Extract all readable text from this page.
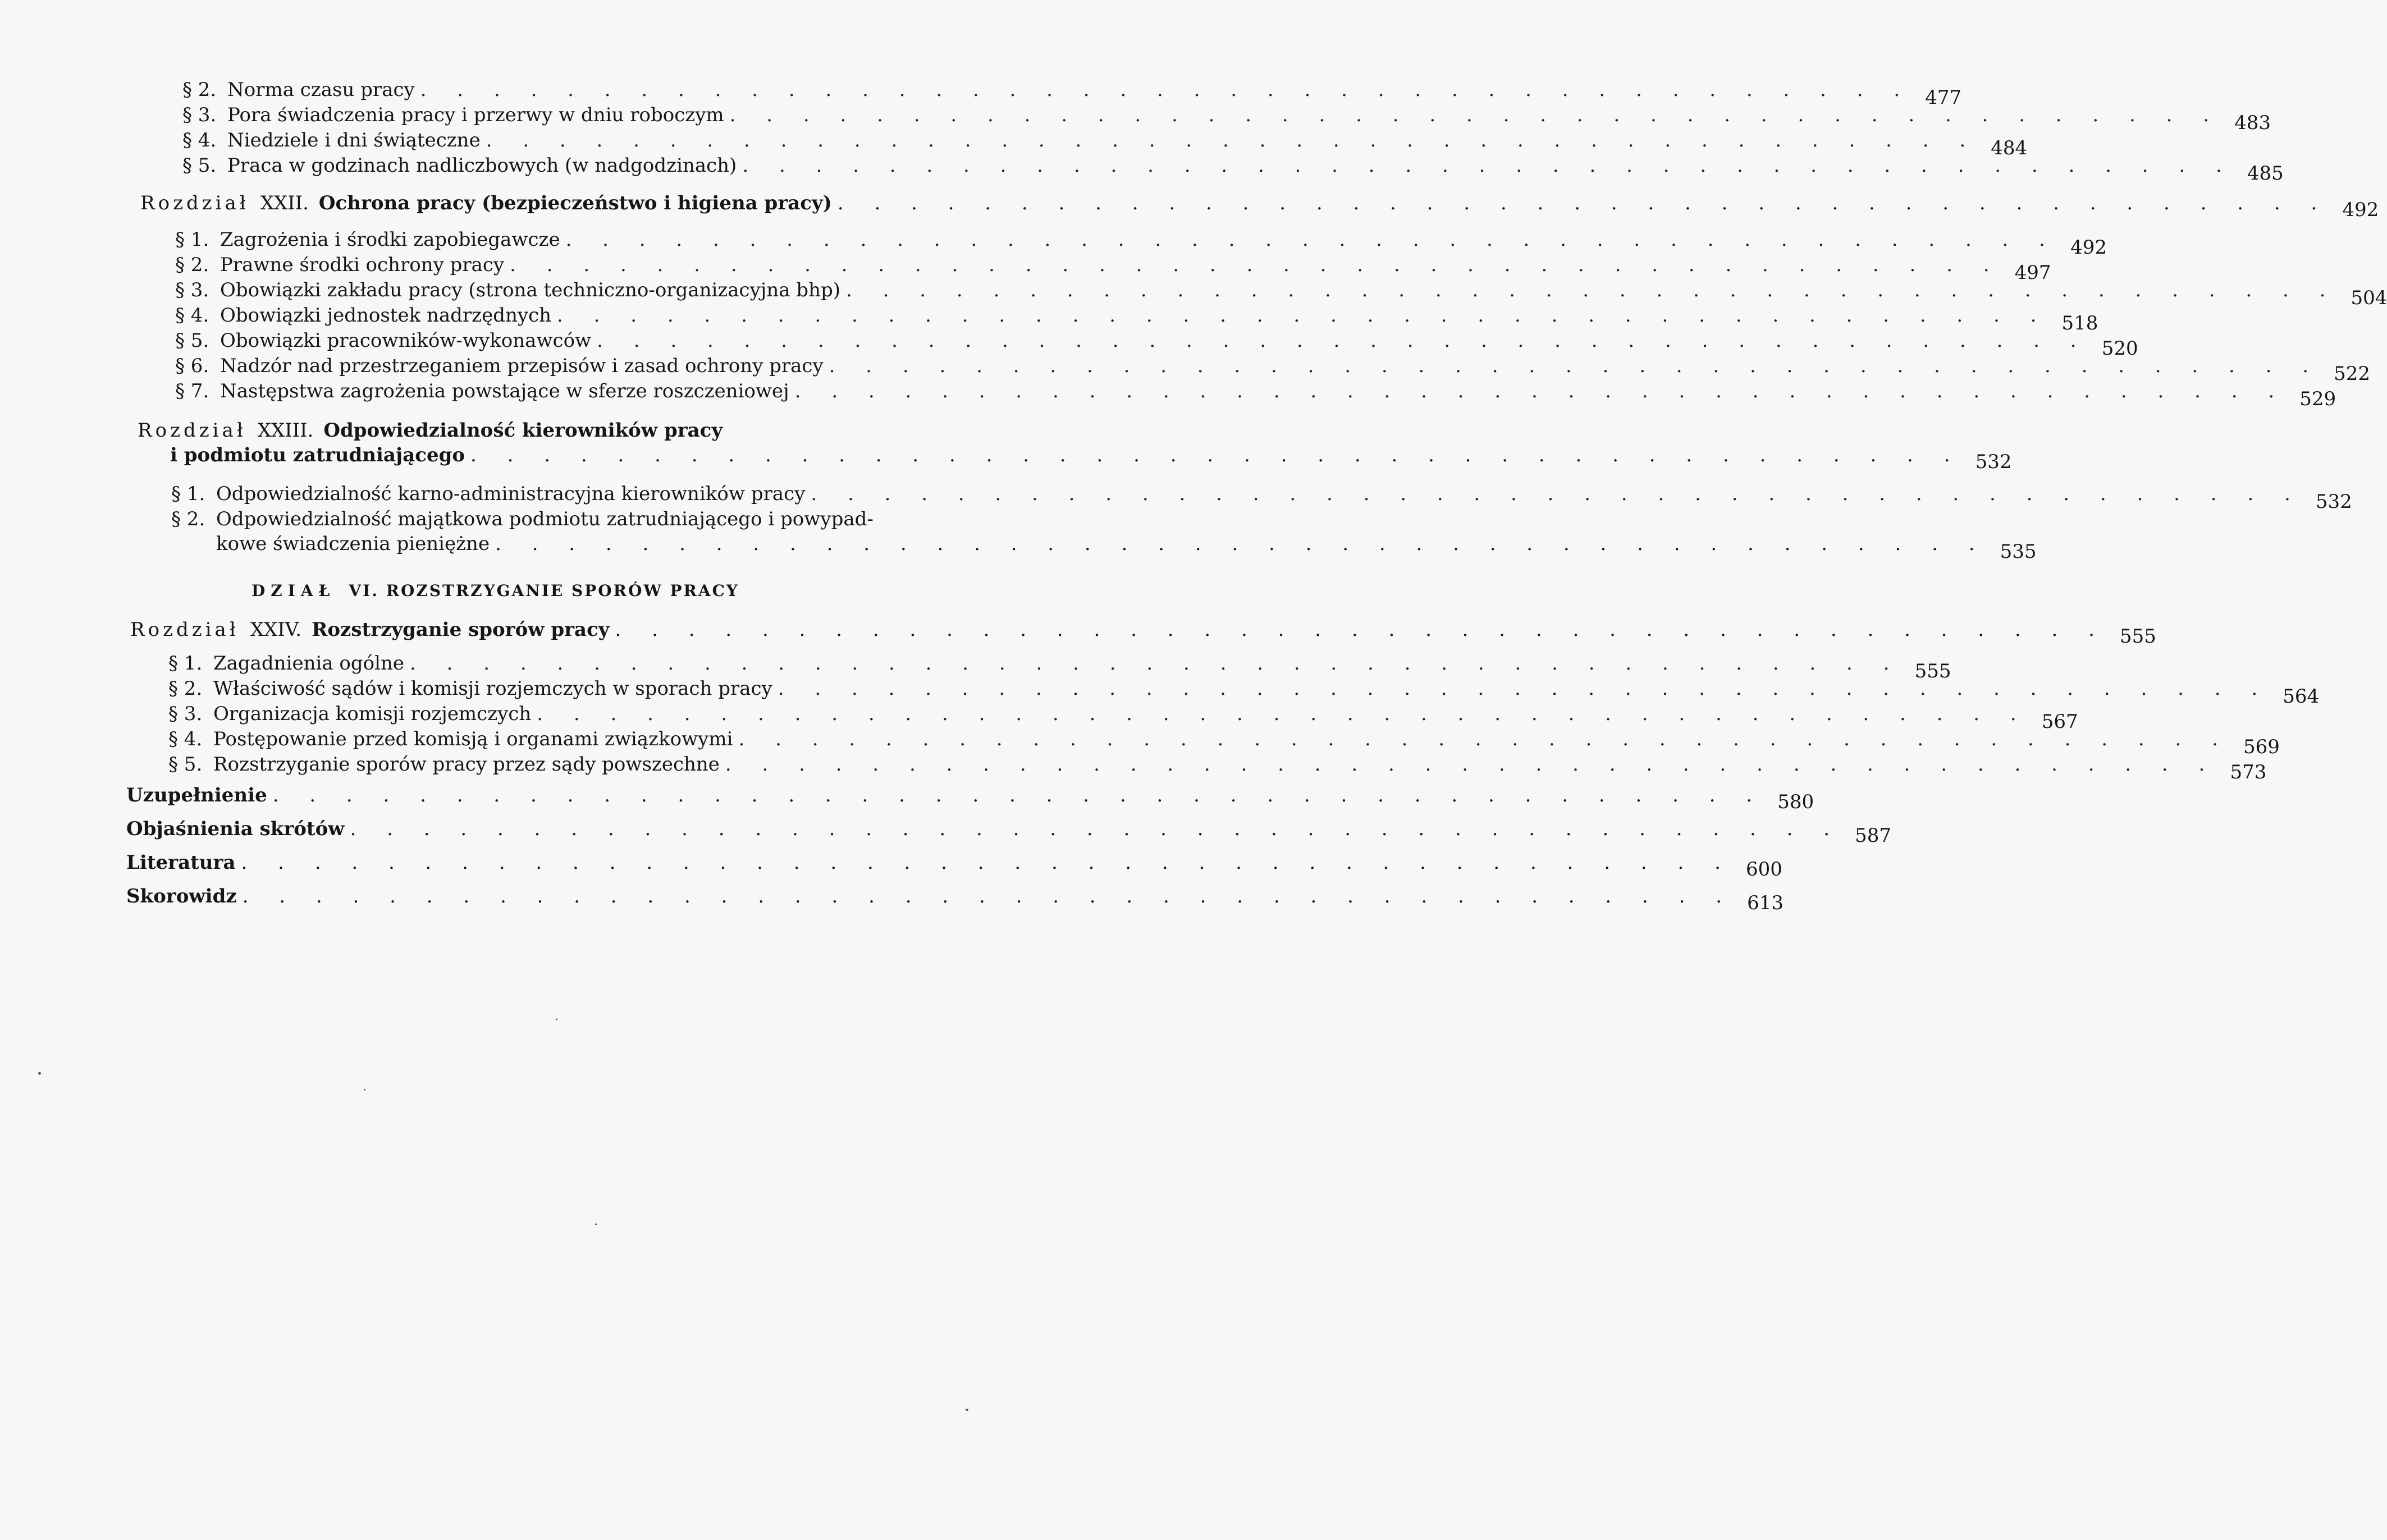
§ 2. Norma czasu pracy . . . . . . . . . . . . . . . . . . . . . . . . . . . . . . . . . . . . . . . . . 477
§ 3. Pora świadczenia pracy i przerwy w dniu roboczym . . . . . . . . . . . . . . . . . . . . . . . . . . . . . . . . . . . . . . . . . 483
§ 4. Niedziele i dni świąteczne . . . . . . . . . . . . . . . . . . . . . . . . . . . . . . . . . . . . . . . . . 484
§ 5. Praca w godzinach nadliczbowych (w nadgodzinach) . . . . . . . . . . . . . . . . . . . . . . . . . . . . . . . . . . . . . . . . . 485
Rozdział XXII. Ochrona pracy (bezpieczeństwo i higiena pracy) . . . . . . . . . . . . . . . . . . . . . . . . . . . . . . . . . . . . . . . . . 492
§ 1. Zagrożenia i środki zapobiegawcze . . . . . . . . . . . . . . . . . . . . . . . . . . . . . . . . . . . . . . . . . 492
§ 2. Prawne środki ochrony pracy . . . . . . . . . . . . . . . . . . . . . . . . . . . . . . . . . . . . . . . . . 497
§ 3. Obowiązki zakładu pracy (strona techniczno-organizacyjna bhp) . . . . . . . . . . . . . . . . . . . . . . . . . . . . . . . . . . . . . . . . . 504
§ 4. Obowiązki jednostek nadrzędnych . . . . . . . . . . . . . . . . . . . . . . . . . . . . . . . . . . . . . . . . . 518
§ 5. Obowiązki pracowników-wykonawców . . . . . . . . . . . . . . . . . . . . . . . . . . . . . . . . . . . . . . . . . 520
§ 6. Nadzór nad przestrzeganiem przepisów i zasad ochrony pracy . . . . . . . . . . . . . . . . . . . . . . . . . . . . . . . . . . . . . . . . . 522
§ 7. Następstwa zagrożenia powstające w sferze roszczeniowej . . . . . . . . . . . . . . . . . . . . . . . . . . . . . . . . . . . . . . . . . 529
Rozdział XXIII. Odpowiedzialność kierowników pracy
i podmiotu zatrudniającego . . . . . . . . . . . . . . . . . . . . . . . . . . . . . . . . . . . . . . . . . 532
§ 1. Odpowiedzialność karno-administracyjna kierowników pracy . . . . . . . . . . . . . . . . . . . . . . . . . . . . . . . . . . . . . . . . . 532
§ 2. Odpowiedzialność majątkowa podmiotu zatrudniającego i powypad-
kowe świadczenia pieniężne . . . . . . . . . . . . . . . . . . . . . . . . . . . . . . . . . . . . . . . . . 535
DZIAŁ VI. ROZSTRZYGANIE SPORÓW PRACY
Rozdział XXIV. Rozstrzyganie sporów pracy . . . . . . . . . . . . . . . . . . . . . . . . . . . . . . . . . . . . . . . . . 555
§ 1. Zagadnienia ogólne . . . . . . . . . . . . . . . . . . . . . . . . . . . . . . . . . . . . . . . . . 555
§ 2. Właściwość sądów i komisji rozjemczych w sporach pracy . . . . . . . . . . . . . . . . . . . . . . . . . . . . . . . . . . . . . . . . . 564
§ 3. Organizacja komisji rozjemczych . . . . . . . . . . . . . . . . . . . . . . . . . . . . . . . . . . . . . . . . . 567
§ 4. Postępowanie przed komisją i organami związkowymi . . . . . . . . . . . . . . . . . . . . . . . . . . . . . . . . . . . . . . . . . 569
§ 5. Rozstrzyganie sporów pracy przez sądy powszechne . . . . . . . . . . . . . . . . . . . . . . . . . . . . . . . . . . . . . . . . . 573
Uzupełnienie . . . . . . . . . . . . . . . . . . . . . . . . . . . . . . . . . . . . . . . . . 580
Objaśnienia skrótów . . . . . . . . . . . . . . . . . . . . . . . . . . . . . . . . . . . . . . . . . 587
Literatura . . . . . . . . . . . . . . . . . . . . . . . . . . . . . . . . . . . . . . . . . 600
Skorowidz . . . . . . . . . . . . . . . . . . . . . . . . . . . . . . . . . . . . . . . . . 613
